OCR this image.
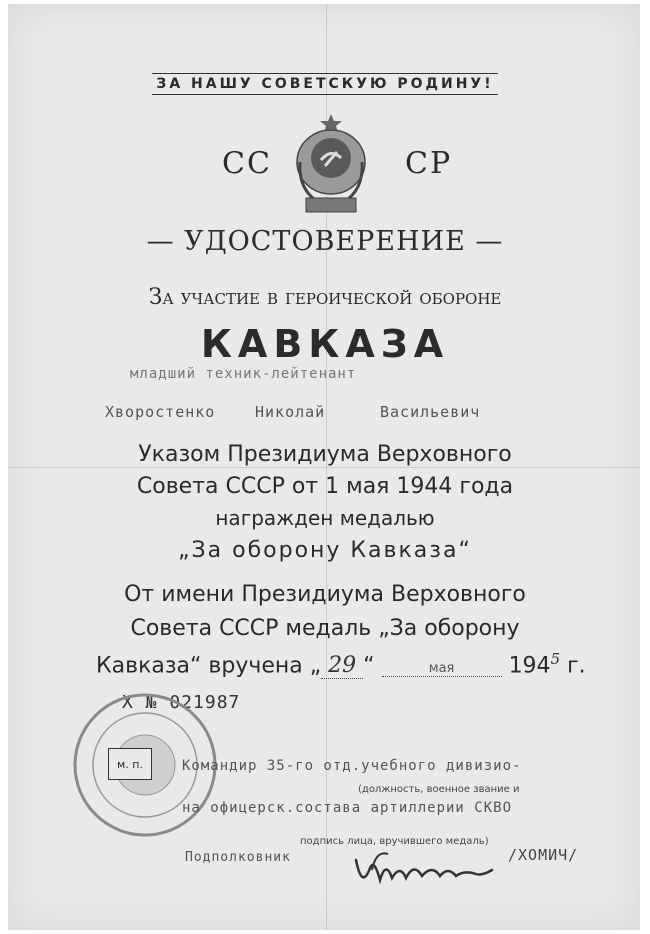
ЗА НАШУ СОВЕТСКУЮ РОДИНУ!
СС	СР
— УДОСТОВЕРЕНИЕ —
За участие в героической обороне
КАВКАЗА
младший техник-лейтенант
Хворостенко	Николай	Васильевич
Указом Президиума Верховного
Совета СССР от 1 мая 1944 года
награжден медалью
„За оборону Кавказа“
От имени Президиума Верховного
Совета СССР медаль „За оборону
Кавказа“ вручена „ 29 “	мая $194^5$ г.
Х № 021987
м. п.	Командир 35-го отд.учебного дивизио-
(должность, военное звание и
на офицерск.состава артиллерии СКВО
подпись лица, вручившего медаль)
Подполковник	/ХОМИЧ/
